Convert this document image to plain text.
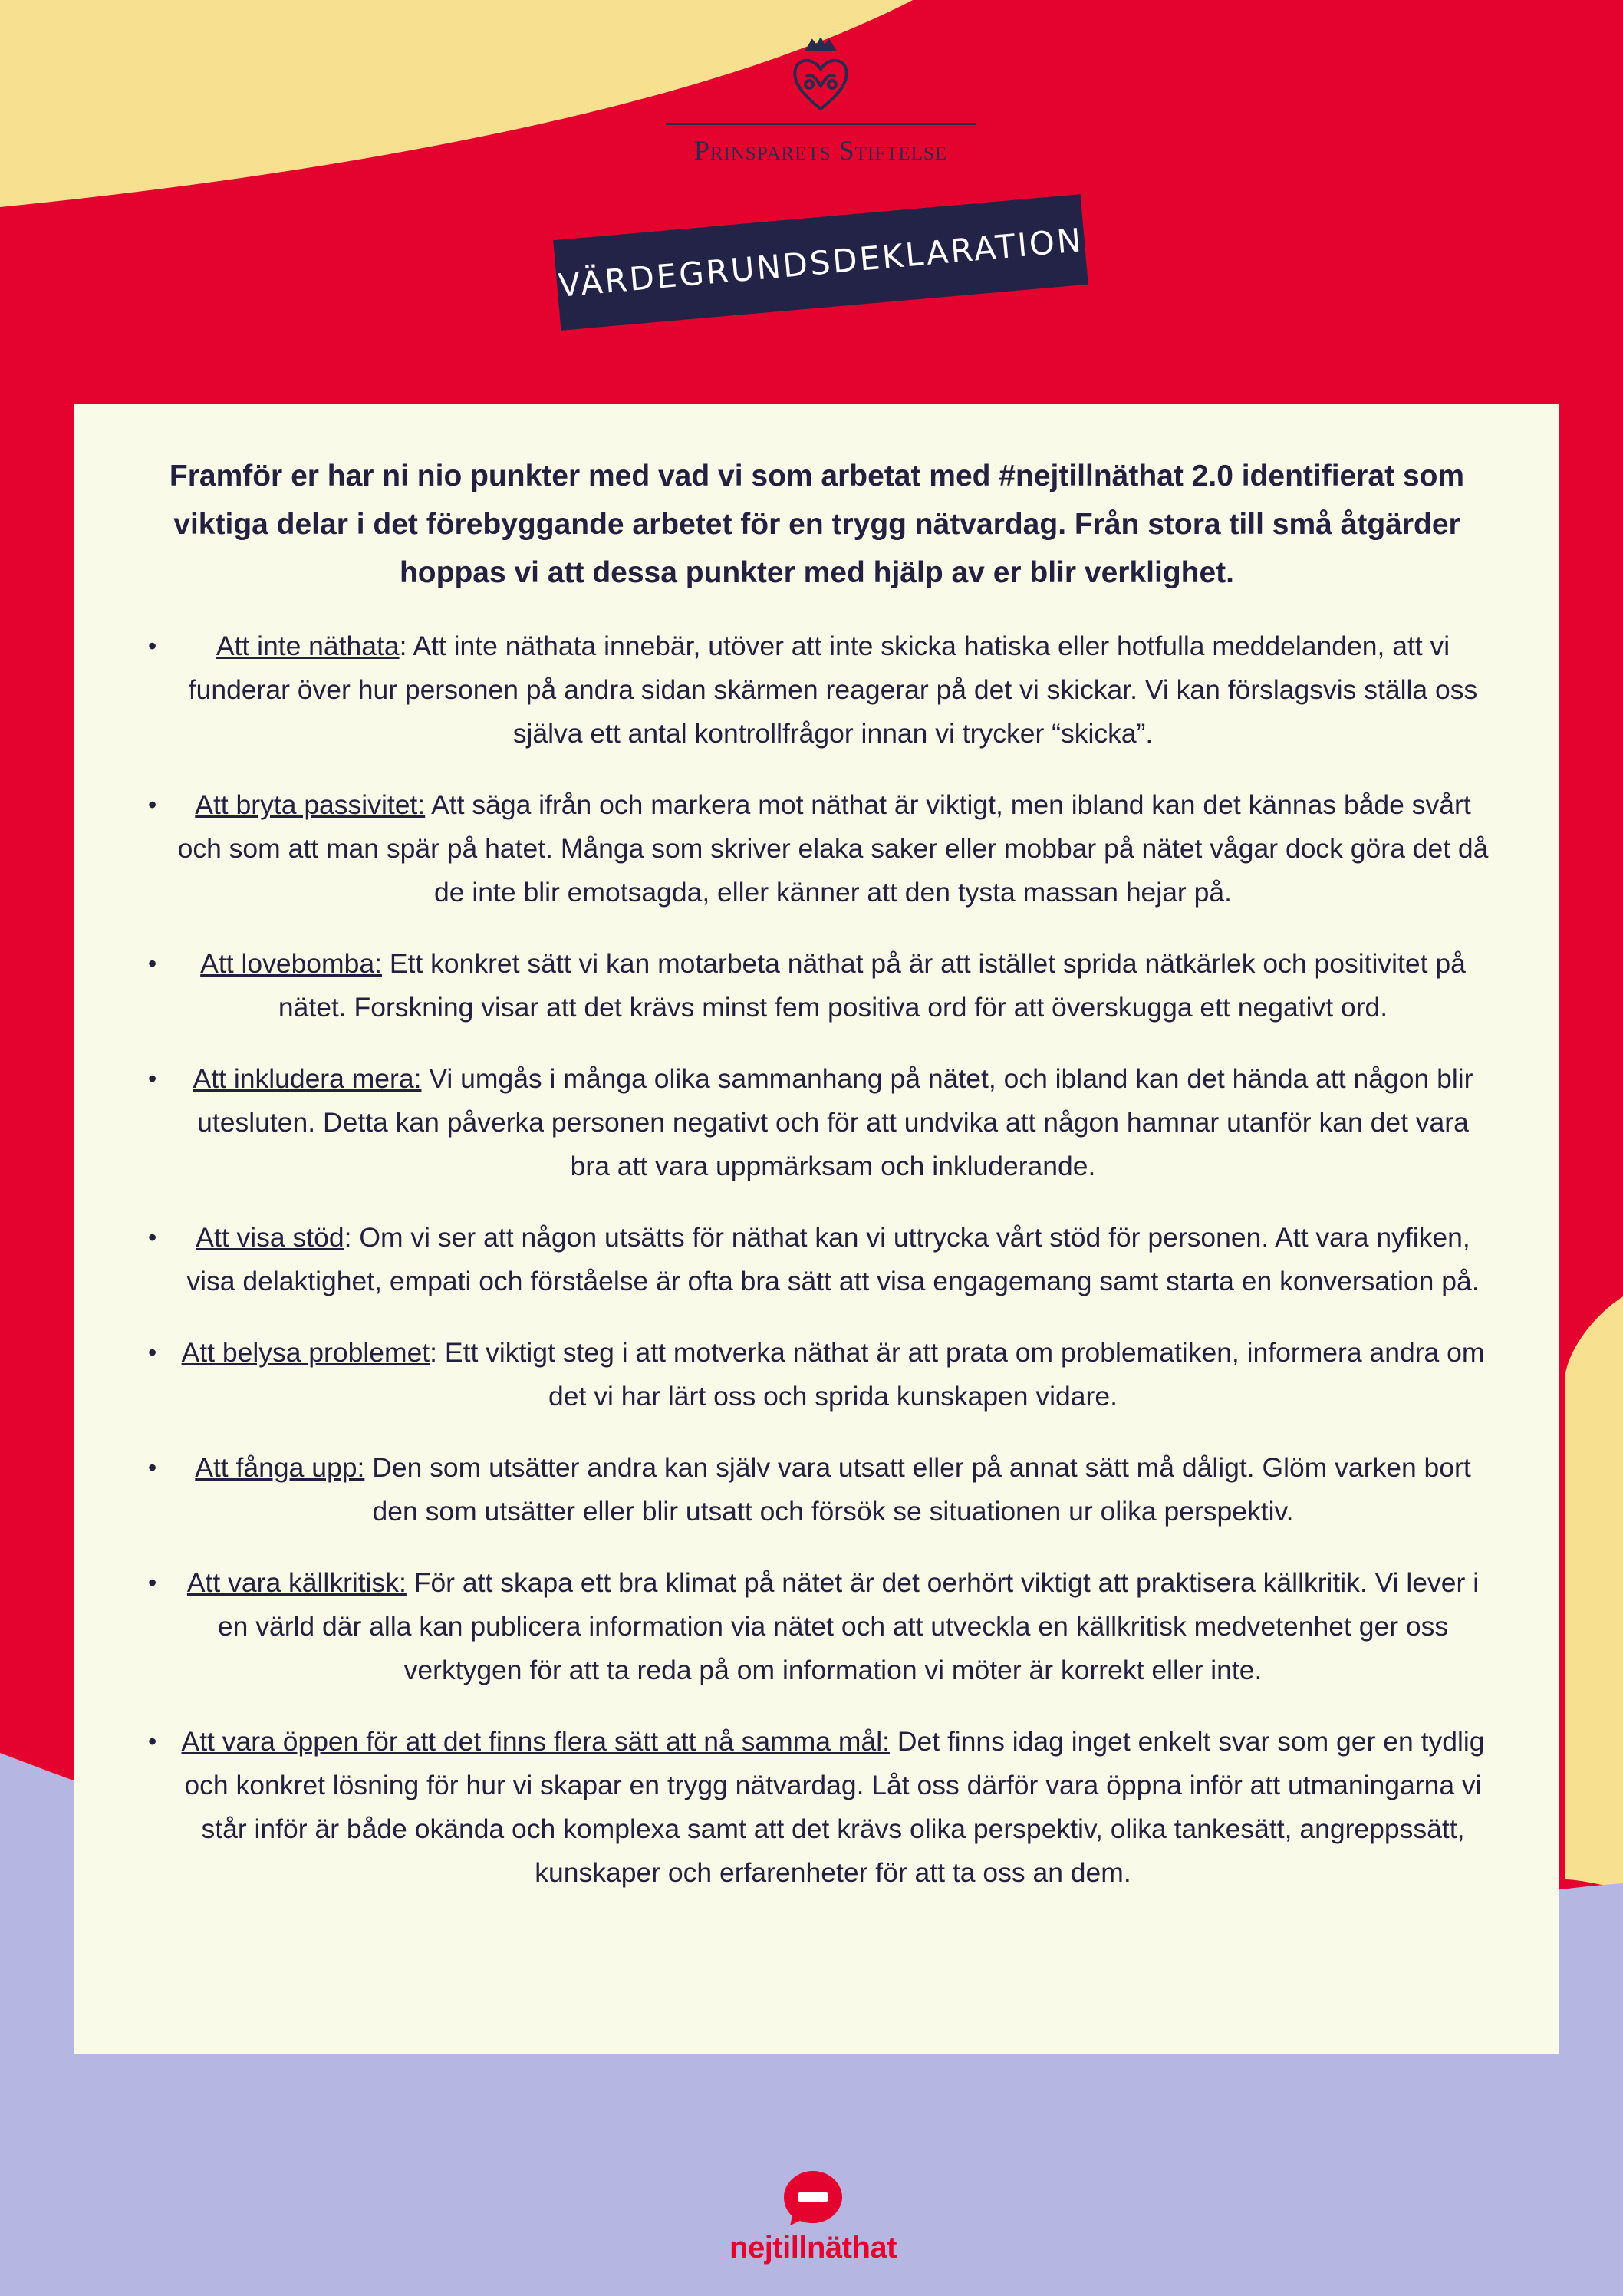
Prinsparets Stiftelse
VÄRDEGRUNDSDEKLARATION

Framför er har ni nio punkter med vad vi som arbetat med #nejtillnäthat 2.0 identifierat som viktiga delar i det förebyggande arbetet för en trygg nätvardag. Från stora till små åtgärder hoppas vi att dessa punkter med hjälp av er blir verklighet.

• Att inte näthata: Att inte näthata innebär, utöver att inte skicka hatiska eller hotfulla meddelanden, att vi funderar över hur personen på andra sidan skärmen reagerar på det vi skickar. Vi kan förslagsvis ställa oss själva ett antal kontrollfrågor innan vi trycker “skicka”.
• Att bryta passivitet: Att säga ifrån och markera mot näthat är viktigt, men ibland kan det kännas både svårt och som att man spär på hatet. Många som skriver elaka saker eller mobbar på nätet vågar dock göra det då de inte blir emotsagda, eller känner att den tysta massan hejar på.
• Att lovebomba: Ett konkret sätt vi kan motarbeta näthat på är att istället sprida nätkärlek och positivitet på nätet. Forskning visar att det krävs minst fem positiva ord för att överskugga ett negativt ord.
• Att inkludera mera: Vi umgås i många olika sammanhang på nätet, och ibland kan det hända att någon blir utesluten. Detta kan påverka personen negativt och för att undvika att någon hamnar utanför kan det vara bra att vara uppmärksam och inkluderande.
• Att visa stöd: Om vi ser att någon utsätts för näthat kan vi uttrycka vårt stöd för personen. Att vara nyfiken, visa delaktighet, empati och förståelse är ofta bra sätt att visa engagemang samt starta en konversation på.
• Att belysa problemet: Ett viktigt steg i att motverka näthat är att prata om problematiken, informera andra om det vi har lärt oss och sprida kunskapen vidare.
• Att fånga upp: Den som utsätter andra kan själv vara utsatt eller på annat sätt må dåligt. Glöm varken bort den som utsätter eller blir utsatt och försök se situationen ur olika perspektiv.
• Att vara källkritisk: För att skapa ett bra klimat på nätet är det oerhört viktigt att praktisera källkritik. Vi lever i en värld där alla kan publicera information via nätet och att utveckla en källkritisk medvetenhet ger oss verktygen för att ta reda på om information vi möter är korrekt eller inte.
• Att vara öppen för att det finns flera sätt att nå samma mål: Det finns idag inget enkelt svar som ger en tydlig och konkret lösning för hur vi skapar en trygg nätvardag. Låt oss därför vara öppna inför att utmaningarna vi står inför är både okända och komplexa samt att det krävs olika perspektiv, olika tankesätt, angreppssätt, kunskaper och erfarenheter för att ta oss an dem.
nejtillnäthat
